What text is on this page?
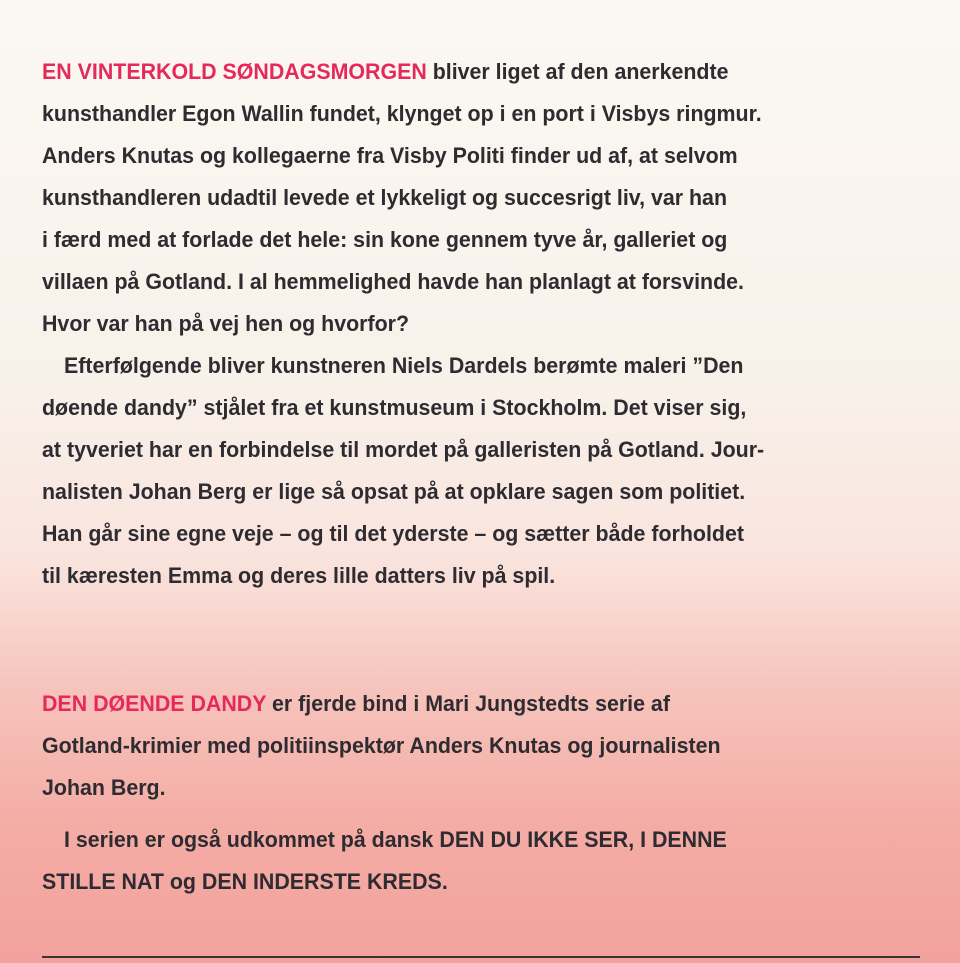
EN VINTERKOLD SØNDAGSMORGEN bliver liget af den anerkendte
kunsthandler Egon Wallin fundet, klynget op i en port i Visbys ringmur.
Anders Knutas og kollegaerne fra Visby Politi finder ud af, at selvom
kunsthandleren udadtil levede et lykkeligt og succesrigt liv, var han
i færd med at forlade det hele: sin kone gennem tyve år, galleriet og
villaen på Gotland. I al hemmelighed havde han planlagt at forsvinde.
Hvor var han på vej hen og hvorfor?
Efterfølgende bliver kunstneren Niels Dardels berømte maleri ”Den
døende dandy” stjålet fra et kunstmuseum i Stockholm. Det viser sig,
at tyveriet har en forbindelse til mordet på galleristen på Gotland. Jour-
nalisten Johan Berg er lige så opsat på at opklare sagen som politiet.
Han går sine egne veje – og til det yderste – og sætter både forholdet
til kæresten Emma og deres lille datters liv på spil.
DEN DØENDE DANDY er fjerde bind i Mari Jungstedts serie af
Gotland-krimier med politiinspektør Anders Knutas og journalisten
Johan Berg.
I serien er også udkommet på dansk DEN DU IKKE SER, I DENNE
STILLE NAT og DEN INDERSTE KREDS.
